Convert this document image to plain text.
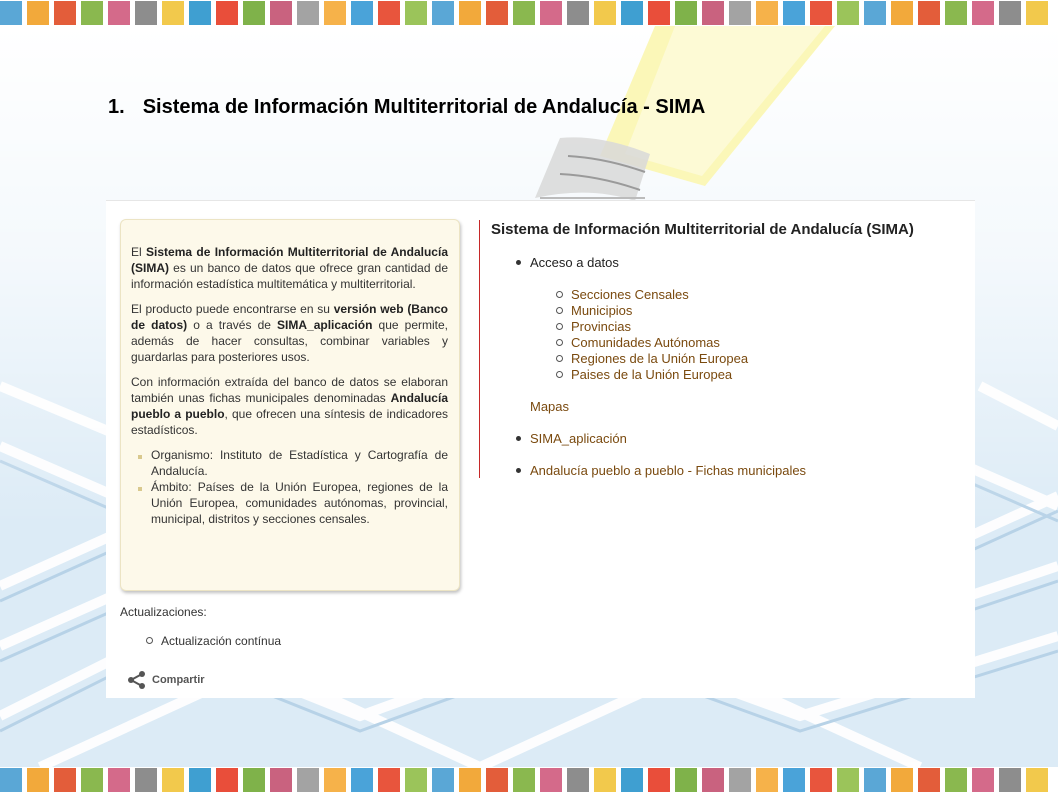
1. Sistema de Información Multiterritorial de Andalucía - SIMA

El Sistema de Información Multiterritorial de Andalucía (SIMA) es un banco de datos que ofrece gran cantidad de información estadística multitemática y multiterritorial.

El producto puede encontrarse en su versión web (Banco de datos) o a través de SIMA_aplicación que permite, además de hacer consultas, combinar variables y guardarlas para posteriores usos.

Con información extraída del banco de datos se elaboran también unas fichas municipales denominadas Andalucía pueblo a pueblo, que ofrecen una síntesis de indicadores estadísticos.

Organismo: Instituto de Estadística y Cartografía de Andalucía.
Ámbito: Países de la Unión Europea, regiones de la Unión Europea, comunidades autónomas, provincial, municipal, distritos y secciones censales.
Sistema de Información Multiterritorial de Andalucía (SIMA)
Acceso a datos
Secciones Censales
Municipios
Provincias
Comunidades Autónomas
Regiones de la Unión Europea
Paises de la Unión Europea
Mapas
SIMA_aplicación
Andalucía pueblo a pueblo - Fichas municipales
Actualizaciones:
Actualización contínua
Compartir
